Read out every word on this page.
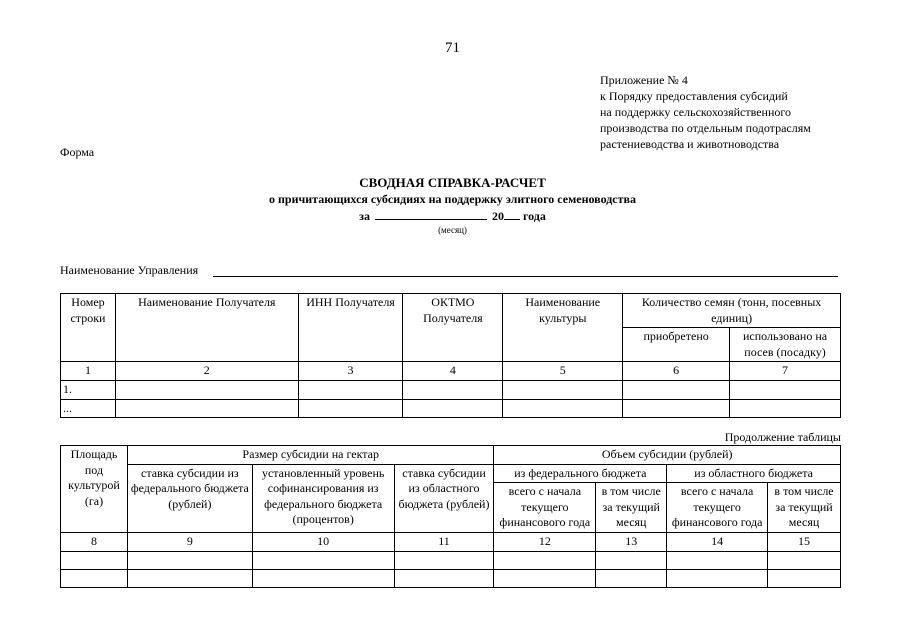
71
Приложение № 4
к Порядку предоставления субсидий
на поддержку сельскохозяйственного
производства по отдельным подотраслям
растениеводства и животноводства
Форма
СВОДНАЯ СПРАВКА-РАСЧЕТ
о причитающихся субсидиях на поддержку элитного семеноводства
за	20 года
(месяц)
Наименование Управления
Номер строки	Наименование Получателя	ИНН Получателя	ОКТМО Получателя	Наименование культуры	Количество семян (тонн, посевных единиц)	
					приобретено	использовано на посев (посадку)
1	2	3	4	5	6	7
1.						
...						
Продолжение таблицы
Площадь под культурой (га)	Размер субсидии на гектар			Объем субсидии (рублей)			
	ставка субсидии из федерального бюджета (рублей)	установленный уровень софинансирования из федерального бюджета (процентов)	ставка субсидии из областного бюджета (рублей)	из федерального бюджета		из областного бюджета	
				всего с начала текущего финансового года	в том числе за текущий месяц	всего с начала текущего финансового года	в том числе за текущий месяц
8	9	10	11	12	13	14	15
